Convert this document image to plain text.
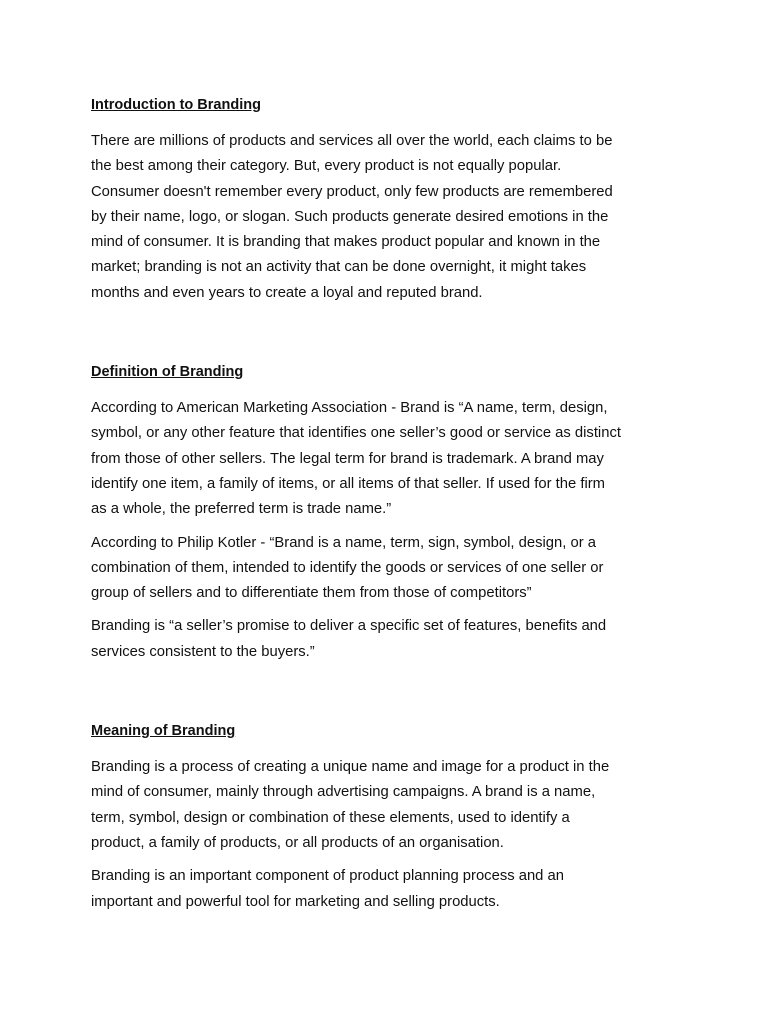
Introduction to Branding

There are millions of products and services all over the world, each claims to be
the best among their category. But, every product is not equally popular.
Consumer doesn't remember every product, only few products are remembered
by their name, logo, or slogan. Such products generate desired emotions in the
mind of consumer. It is branding that makes product popular and known in the
market; branding is not an activity that can be done overnight, it might takes
months and even years to create a loyal and reputed brand.

Definition of Branding

According to American Marketing Association - Brand is “A name, term, design,
symbol, or any other feature that identifies one seller’s good or service as distinct
from those of other sellers. The legal term for brand is trademark. A brand may
identify one item, a family of items, or all items of that seller. If used for the firm
as a whole, the preferred term is trade name.”

According to Philip Kotler - “Brand is a name, term, sign, symbol, design, or a
combination of them, intended to identify the goods or services of one seller or
group of sellers and to differentiate them from those of competitors”

Branding is “a seller’s promise to deliver a specific set of features, benefits and
services consistent to the buyers.”

Meaning of Branding

Branding is a process of creating a unique name and image for a product in the
mind of consumer, mainly through advertising campaigns. A brand is a name,
term, symbol, design or combination of these elements, used to identify a
product, a family of products, or all products of an organisation.

Branding is an important component of product planning process and an
important and powerful tool for marketing and selling products.
